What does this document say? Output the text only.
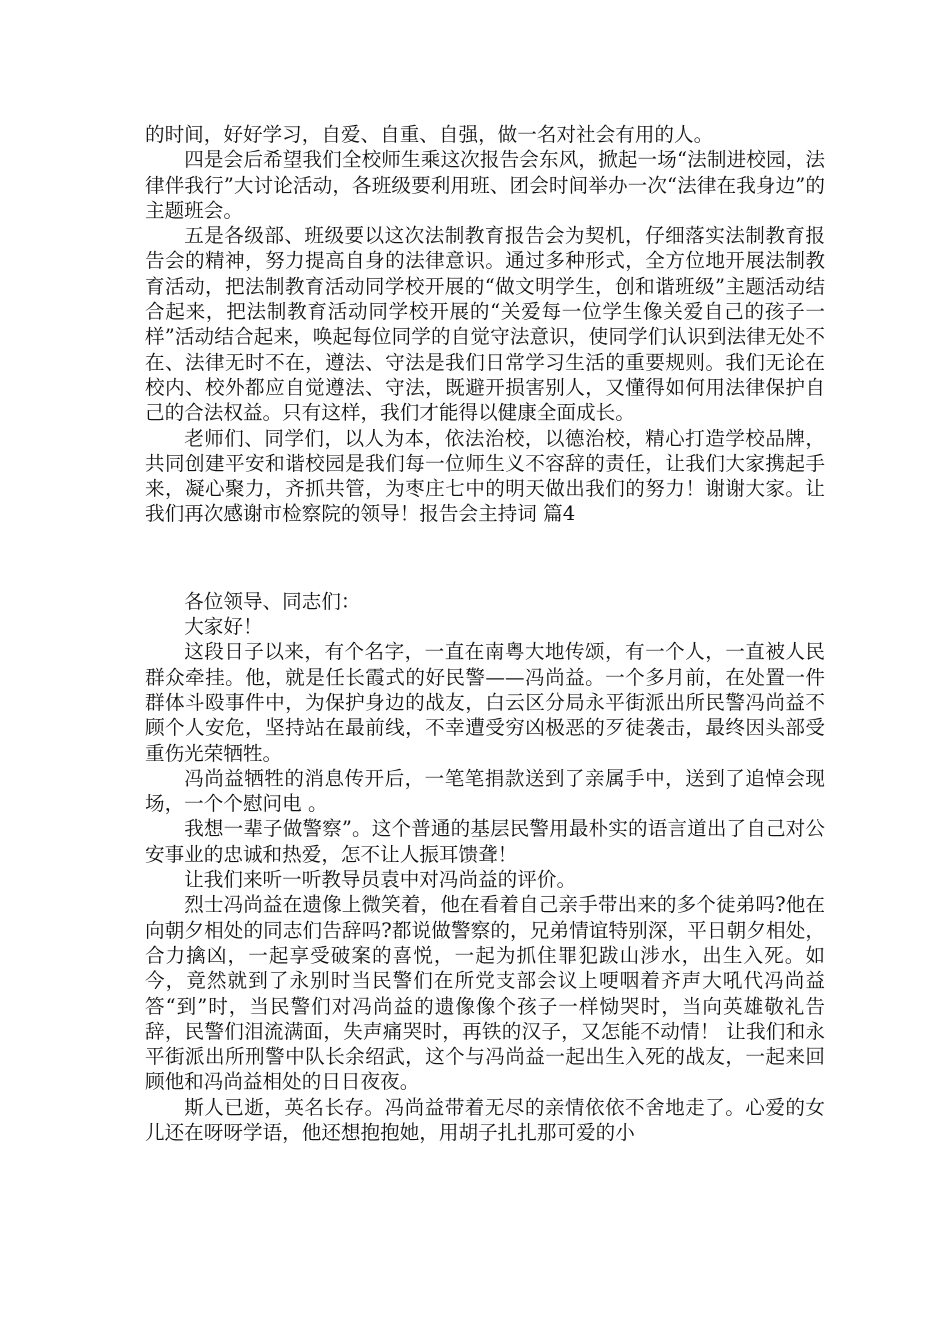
的时间，好好学习，自爱、自重、自强，做一名对社会有用的人。

四是会后希望我们全校师生乘这次报告会东风，掀起一场“法制进校园，法律伴我行”大讨论活动，各班级要利用班、团会时间举办一次“法律在我身边”的主题班会。

五是各级部、班级要以这次法制教育报告会为契机，仔细落实法制教育报告会的精神，努力提高自身的法律意识。通过多种形式，全方位地开展法制教育活动，把法制教育活动同学校开展的“做文明学生，创和谐班级”主题活动结合起来，把法制教育活动同学校开展的“关爱每一位学生像关爱自己的孩子一样”活动结合起来，唤起每位同学的自觉守法意识，使同学们认识到法律无处不在、法律无时不在，遵法、守法是我们日常学习生活的重要规则。我们无论在校内、校外都应自觉遵法、守法，既避开损害别人，又懂得如何用法律保护自己的合法权益。只有这样，我们才能得以健康全面成长。

老师们、同学们，以人为本，依法治校，以德治校，精心打造学校品牌，共同创建平安和谐校园是我们每一位师生义不容辞的责任，让我们大家携起手来，凝心聚力，齐抓共管，为枣庄七中的明天做出我们的努力！谢谢大家。让我们再次感谢市检察院的领导！报告会主持词 篇4

各位领导、同志们：

大家好！

这段日子以来，有个名字，一直在南粤大地传颂，有一个人，一直被人民群众牵挂。他，就是任长霞式的好民警——冯尚益。一个多月前，在处置一件群体斗殴事件中，为保护身边的战友，白云区分局永平街派出所民警冯尚益不顾个人安危，坚持站在最前线，不幸遭受穷凶极恶的歹徒袭击，最终因头部受重伤光荣牺牲。

冯尚益牺牲的消息传开后，一笔笔捐款送到了亲属手中，送到了追悼会现场，一个个慰问电 。

我想一辈子做警察”。这个普通的基层民警用最朴实的语言道出了自己对公安事业的忠诚和热爱，怎不让人振耳馈聋！

让我们来听一听教导员袁中对冯尚益的评价。

烈士冯尚益在遗像上微笑着，他在看着自己亲手带出来的多个徒弟吗?他在向朝夕相处的同志们告辞吗?都说做警察的，兄弟情谊特别深，平日朝夕相处，合力擒凶，一起享受破案的喜悦，一起为抓住罪犯跋山涉水，出生入死。如今，竟然就到了永别时当民警们在所党支部会议上哽咽着齐声大吼代冯尚益答“到”时，当民警们对冯尚益的遗像像个孩子一样恸哭时，当向英雄敬礼告辞，民警们泪流满面，失声痛哭时，再铁的汉子，又怎能不动情！ 让我们和永平街派出所刑警中队长余绍武，这个与冯尚益一起出生入死的战友，一起来回顾他和冯尚益相处的日日夜夜。

斯人已逝，英名长存。冯尚益带着无尽的亲情依依不舍地走了。心爱的女儿还在呀呀学语，他还想抱抱她，用胡子扎扎那可爱的小
